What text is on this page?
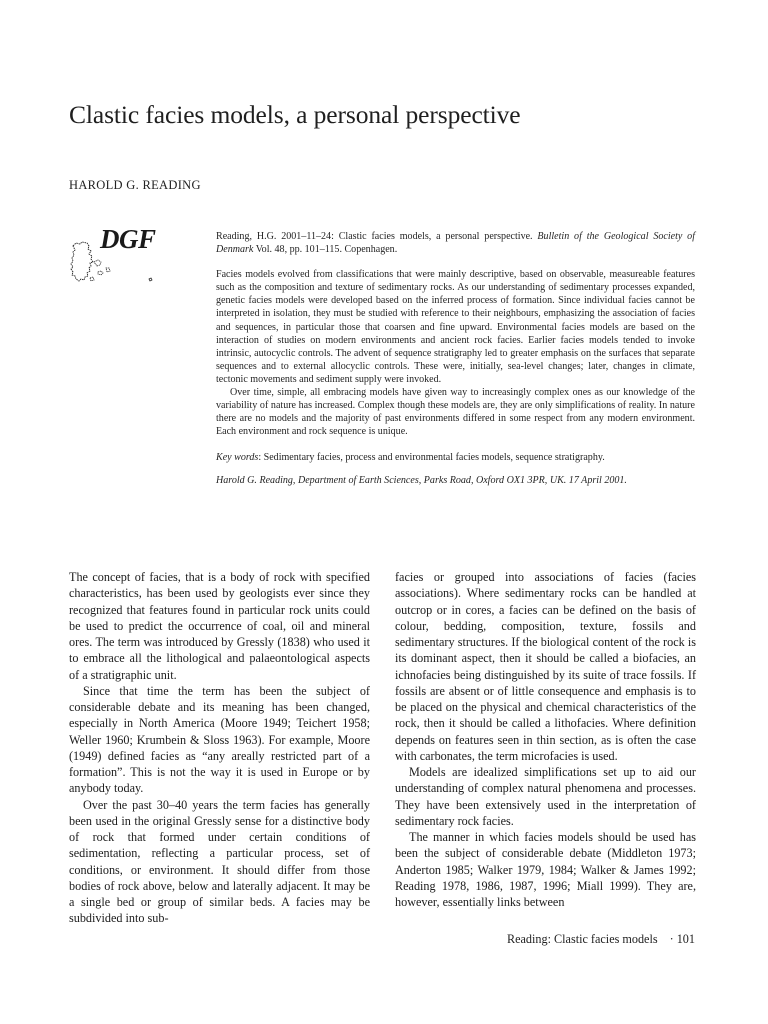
Clastic facies models, a personal perspective
HAROLD G. READING
DGF	Reading, H.G. 2001–11–24: Clastic facies models, a personal perspective. Bulletin of the Geological Society of Denmark Vol. 48, pp. 101–115. Copenhagen.

Facies models evolved from classifications that were mainly descriptive, based on observable, measureable features such as the composition and texture of sedimentary rocks. As our understanding of sedimentary processes expanded, genetic facies models were developed based on the inferred process of formation. Since individual facies cannot be interpreted in isolation, they must be studied with reference to their neighbours, emphasizing the association of facies and sequences, in particular those that coarsen and fine upward. Environmental facies models are based on the interaction of studies on modern environments and ancient rock facies. Earlier facies models tended to invoke intrinsic, autocyclic controls. The advent of sequence stratigraphy led to greater emphasis on the surfaces that separate sequences and to external allocyclic controls. These were, initially, sea-level changes; later, changes in climate, tectonic movements and sediment supply were invoked.

Over time, simple, all embracing models have given way to increasingly complex ones as our knowledge of the variability of nature has increased. Complex though these models are, they are only simplifications of reality. In nature there are no models and the majority of past environments differed in some respect from any modern environment. Each environment and rock sequence is unique.

Key words: Sedimentary facies, process and environmental facies models, sequence stratigraphy.

Harold G. Reading, Department of Earth Sciences, Parks Road, Oxford OX1 3PR, UK. 17 April 2001.

The concept of facies, that is a body of rock with specified characteristics, has been used by geologists ever since they recognized that features found in particular rock units could be used to predict the occurrence of coal, oil and mineral ores. The term was introduced by Gressly (1838) who used it to embrace all the lithological and palaeontological aspects of a stratigraphic unit.

Since that time the term has been the subject of considerable debate and its meaning has been changed, especially in North America (Moore 1949; Teichert 1958; Weller 1960; Krumbein & Sloss 1963). For example, Moore (1949) defined facies as “any areally restricted part of a formation”. This is not the way it is used in Europe or by anybody today.

Over the past 30–40 years the term facies has generally been used in the original Gressly sense for a distinctive body of rock that formed under certain conditions of sedimentation, reflecting a particular process, set of conditions, or environment. It should differ from those bodies of rock above, below and laterally adjacent. It may be a single bed or group of similar beds. A facies may be subdivided into sub-

facies or grouped into associations of facies (facies associations). Where sedimentary rocks can be handled at outcrop or in cores, a facies can be defined on the basis of colour, bedding, composition, texture, fossils and sedimentary structures. If the biological content of the rock is its dominant aspect, then it should be called a biofacies, an ichnofacies being distinguished by its suite of trace fossils. If fossils are absent or of little consequence and emphasis is to be placed on the physical and chemical characteristics of the rock, then it should be called a lithofacies. Where definition depends on features seen in thin section, as is often the case with carbonates, the term microfacies is used.

Models are idealized simplifications set up to aid our understanding of complex natural phenomena and processes. They have been extensively used in the interpretation of sedimentary rock facies.

The manner in which facies models should be used has been the subject of considerable debate (Middleton 1973; Anderton 1985; Walker 1979, 1984; Walker & James 1992; Reading 1978, 1986, 1987, 1996; Miall 1999). They are, however, essentially links between

Reading: Clastic facies models · 101
